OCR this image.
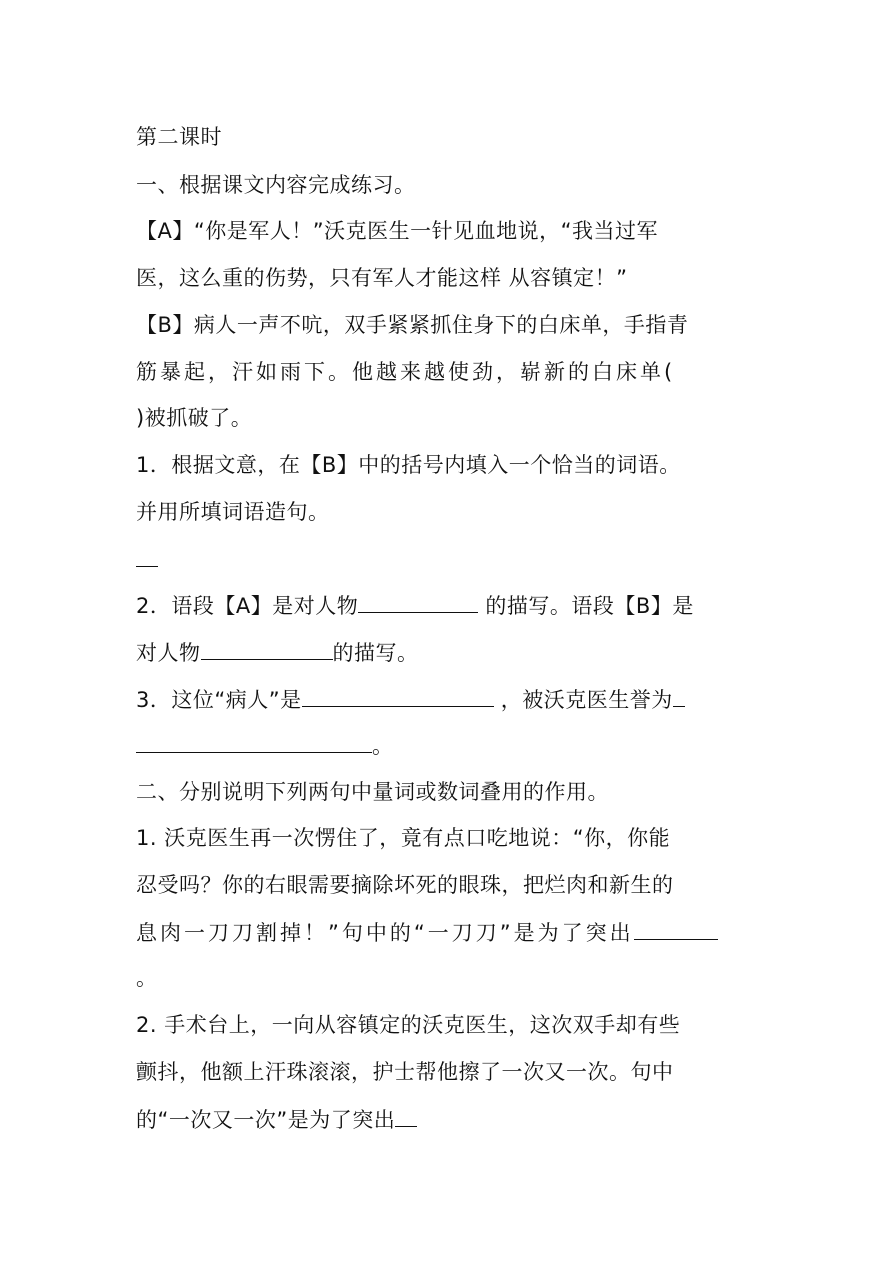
第二课时
一、根据课文内容完成练习。
【A】“你是军人！”沃克医生一针见血地说，“我当过军
医，这么重的伤势，只有军人才能这样 从容镇定！”
【B】病人一声不吭，双手紧紧抓住身下的白床单，手指青
筋暴起，汗如雨下。他越来越使劲，崭新的白床单(
)被抓破了。
1．根据文意，在【B】中的括号内填入一个恰当的词语。
并用所填词语造句。
2．语段【A】是对人物	的描写。语段【B】是
对人物	的描写。
3．这位“病人”是	，被沃克医生誉为
。
二、分别说明下列两句中量词或数词叠用的作用。
1. 沃克医生再一次愣住了，竟有点口吃地说：“你，你能
忍受吗？你的右眼需要摘除坏死的眼珠，把烂肉和新生的
息肉一刀刀割掉！”句中的“一刀刀”是为了突出
。
2. 手术台上，一向从容镇定的沃克医生，这次双手却有些
颤抖，他额上汗珠滚滚，护士帮他擦了一次又一次。句中
的“一次又一次”是为了突出
